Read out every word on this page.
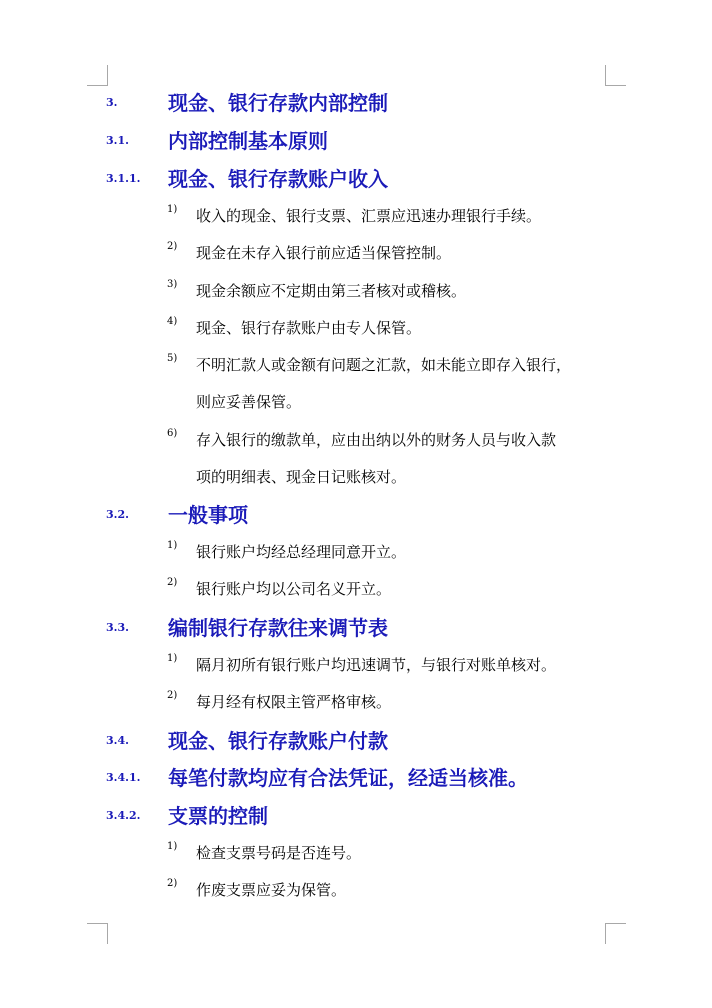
3.	现金、银行存款内部控制
3.1. 内部控制基本原则
3.1.1. 现金、银行存款账户收入
1) 收入的现金、银行支票、汇票应迅速办理银行手续。
2) 现金在未存入银行前应适当保管控制。
3) 现金余额应不定期由第三者核对或稽核。
4) 现金、银行存款账户由专人保管。
5) 不明汇款人或金额有问题之汇款，如未能立即存入银行，
则应妥善保管。
6) 存入银行的缴款单，应由出纳以外的财务人员与收入款
项的明细表、现金日记账核对。
3.2. 一般事项
1) 银行账户均经总经理同意开立。
2) 银行账户均以公司名义开立。
3.3. 编制银行存款往来调节表
1) 隔月初所有银行账户均迅速调节，与银行对账单核对。
2) 每月经有权限主管严格审核。
3.4. 现金、银行存款账户付款
3.4.1. 每笔付款均应有合法凭证，经适当核准。
3.4.2. 支票的控制
1) 检查支票号码是否连号。
2) 作废支票应妥为保管。
